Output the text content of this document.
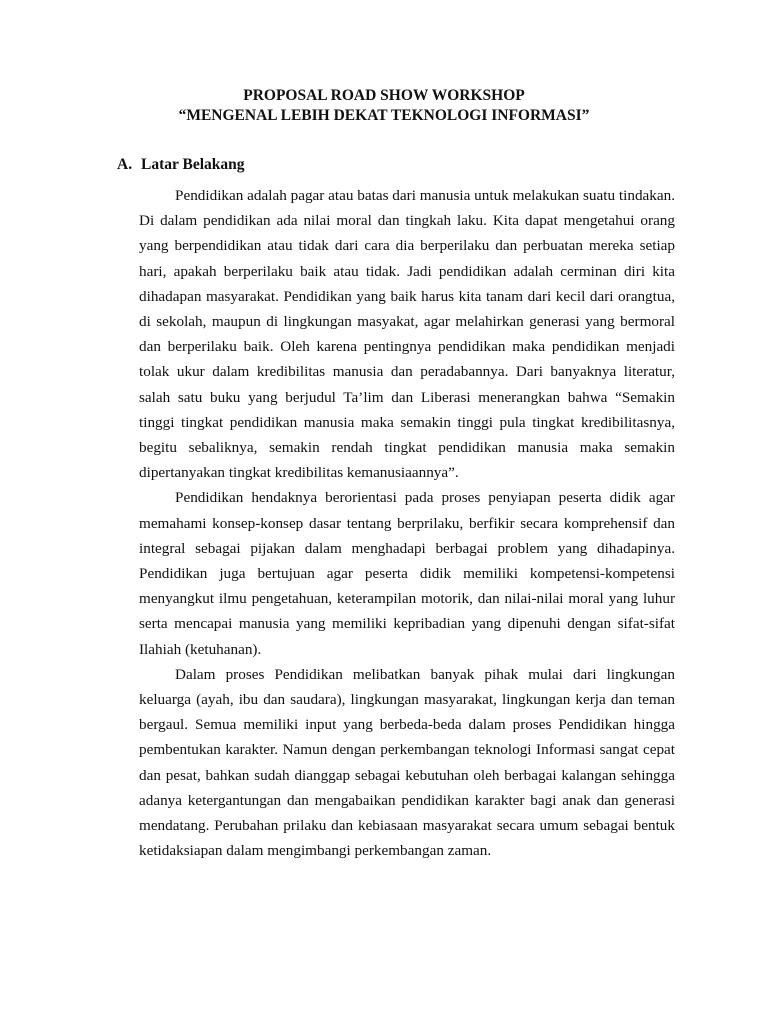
PROPOSAL ROAD SHOW WORKSHOP
“MENGENAL LEBIH DEKAT TEKNOLOGI INFORMASI”
A. Latar Belakang

Pendidikan adalah pagar atau batas dari manusia untuk melakukan suatu tindakan. Di dalam pendidikan ada nilai moral dan tingkah laku. Kita dapat mengetahui orang yang berpendidikan atau tidak dari cara dia berperilaku dan perbuatan mereka setiap hari, apakah berperilaku baik atau tidak. Jadi pendidikan adalah cerminan diri kita dihadapan masyarakat. Pendidikan yang baik harus kita tanam dari kecil dari orangtua, di sekolah, maupun di lingkungan masyakat, agar melahirkan generasi yang bermoral dan berperilaku baik. Oleh karena pentingnya pendidikan maka pendidikan menjadi tolak ukur dalam kredibilitas manusia dan peradabannya. Dari banyaknya literatur, salah satu buku yang berjudul Ta’lim dan Liberasi menerangkan bahwa “Semakin tinggi tingkat pendidikan manusia maka semakin tinggi pula tingkat kredibilitasnya, begitu sebaliknya, semakin rendah tingkat pendidikan manusia maka semakin dipertanyakan tingkat kredibilitas kemanusiaannya”.

Pendidikan hendaknya berorientasi pada proses penyiapan peserta didik agar memahami konsep-konsep dasar tentang berprilaku, berfikir secara komprehensif dan integral sebagai pijakan dalam menghadapi berbagai problem yang dihadapinya. Pendidikan juga bertujuan agar peserta didik memiliki kompetensi-kompetensi menyangkut ilmu pengetahuan, keterampilan motorik, dan nilai-nilai moral yang luhur serta mencapai manusia yang memiliki kepribadian yang dipenuhi dengan sifat-sifat Ilahiah (ketuhanan).

Dalam proses Pendidikan melibatkan banyak pihak mulai dari lingkungan keluarga (ayah, ibu dan saudara), lingkungan masyarakat, lingkungan kerja dan teman bergaul. Semua memiliki input yang berbeda-beda dalam proses Pendidikan hingga pembentukan karakter. Namun dengan perkembangan teknologi Informasi sangat cepat dan pesat, bahkan sudah dianggap sebagai kebutuhan oleh berbagai kalangan sehingga adanya ketergantungan dan mengabaikan pendidikan karakter bagi anak dan generasi mendatang. Perubahan prilaku dan kebiasaan masyarakat secara umum sebagai bentuk ketidaksiapan dalam mengimbangi perkembangan zaman.
